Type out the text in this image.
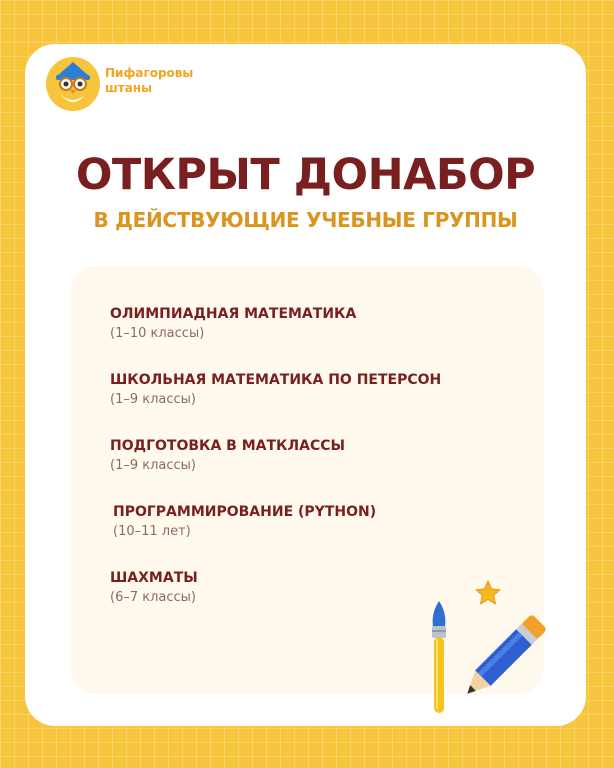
Пифагоровы
штаны
ОТКРЫТ ДОНАБОР
В ДЕЙСТВУЮЩИЕ УЧЕБНЫЕ ГРУППЫ
ОЛИМПИАДНАЯ МАТЕМАТИКА
(1–10 классы)
ШКОЛЬНАЯ МАТЕМАТИКА ПО ПЕТЕРСОН
(1–9 классы)
ПОДГОТОВКА В МАТКЛАССЫ
(1–9 классы)
ПРОГРАММИРОВАНИЕ (PYTHON)
(10–11 лет)
ШАХМАТЫ
(6–7 классы)
